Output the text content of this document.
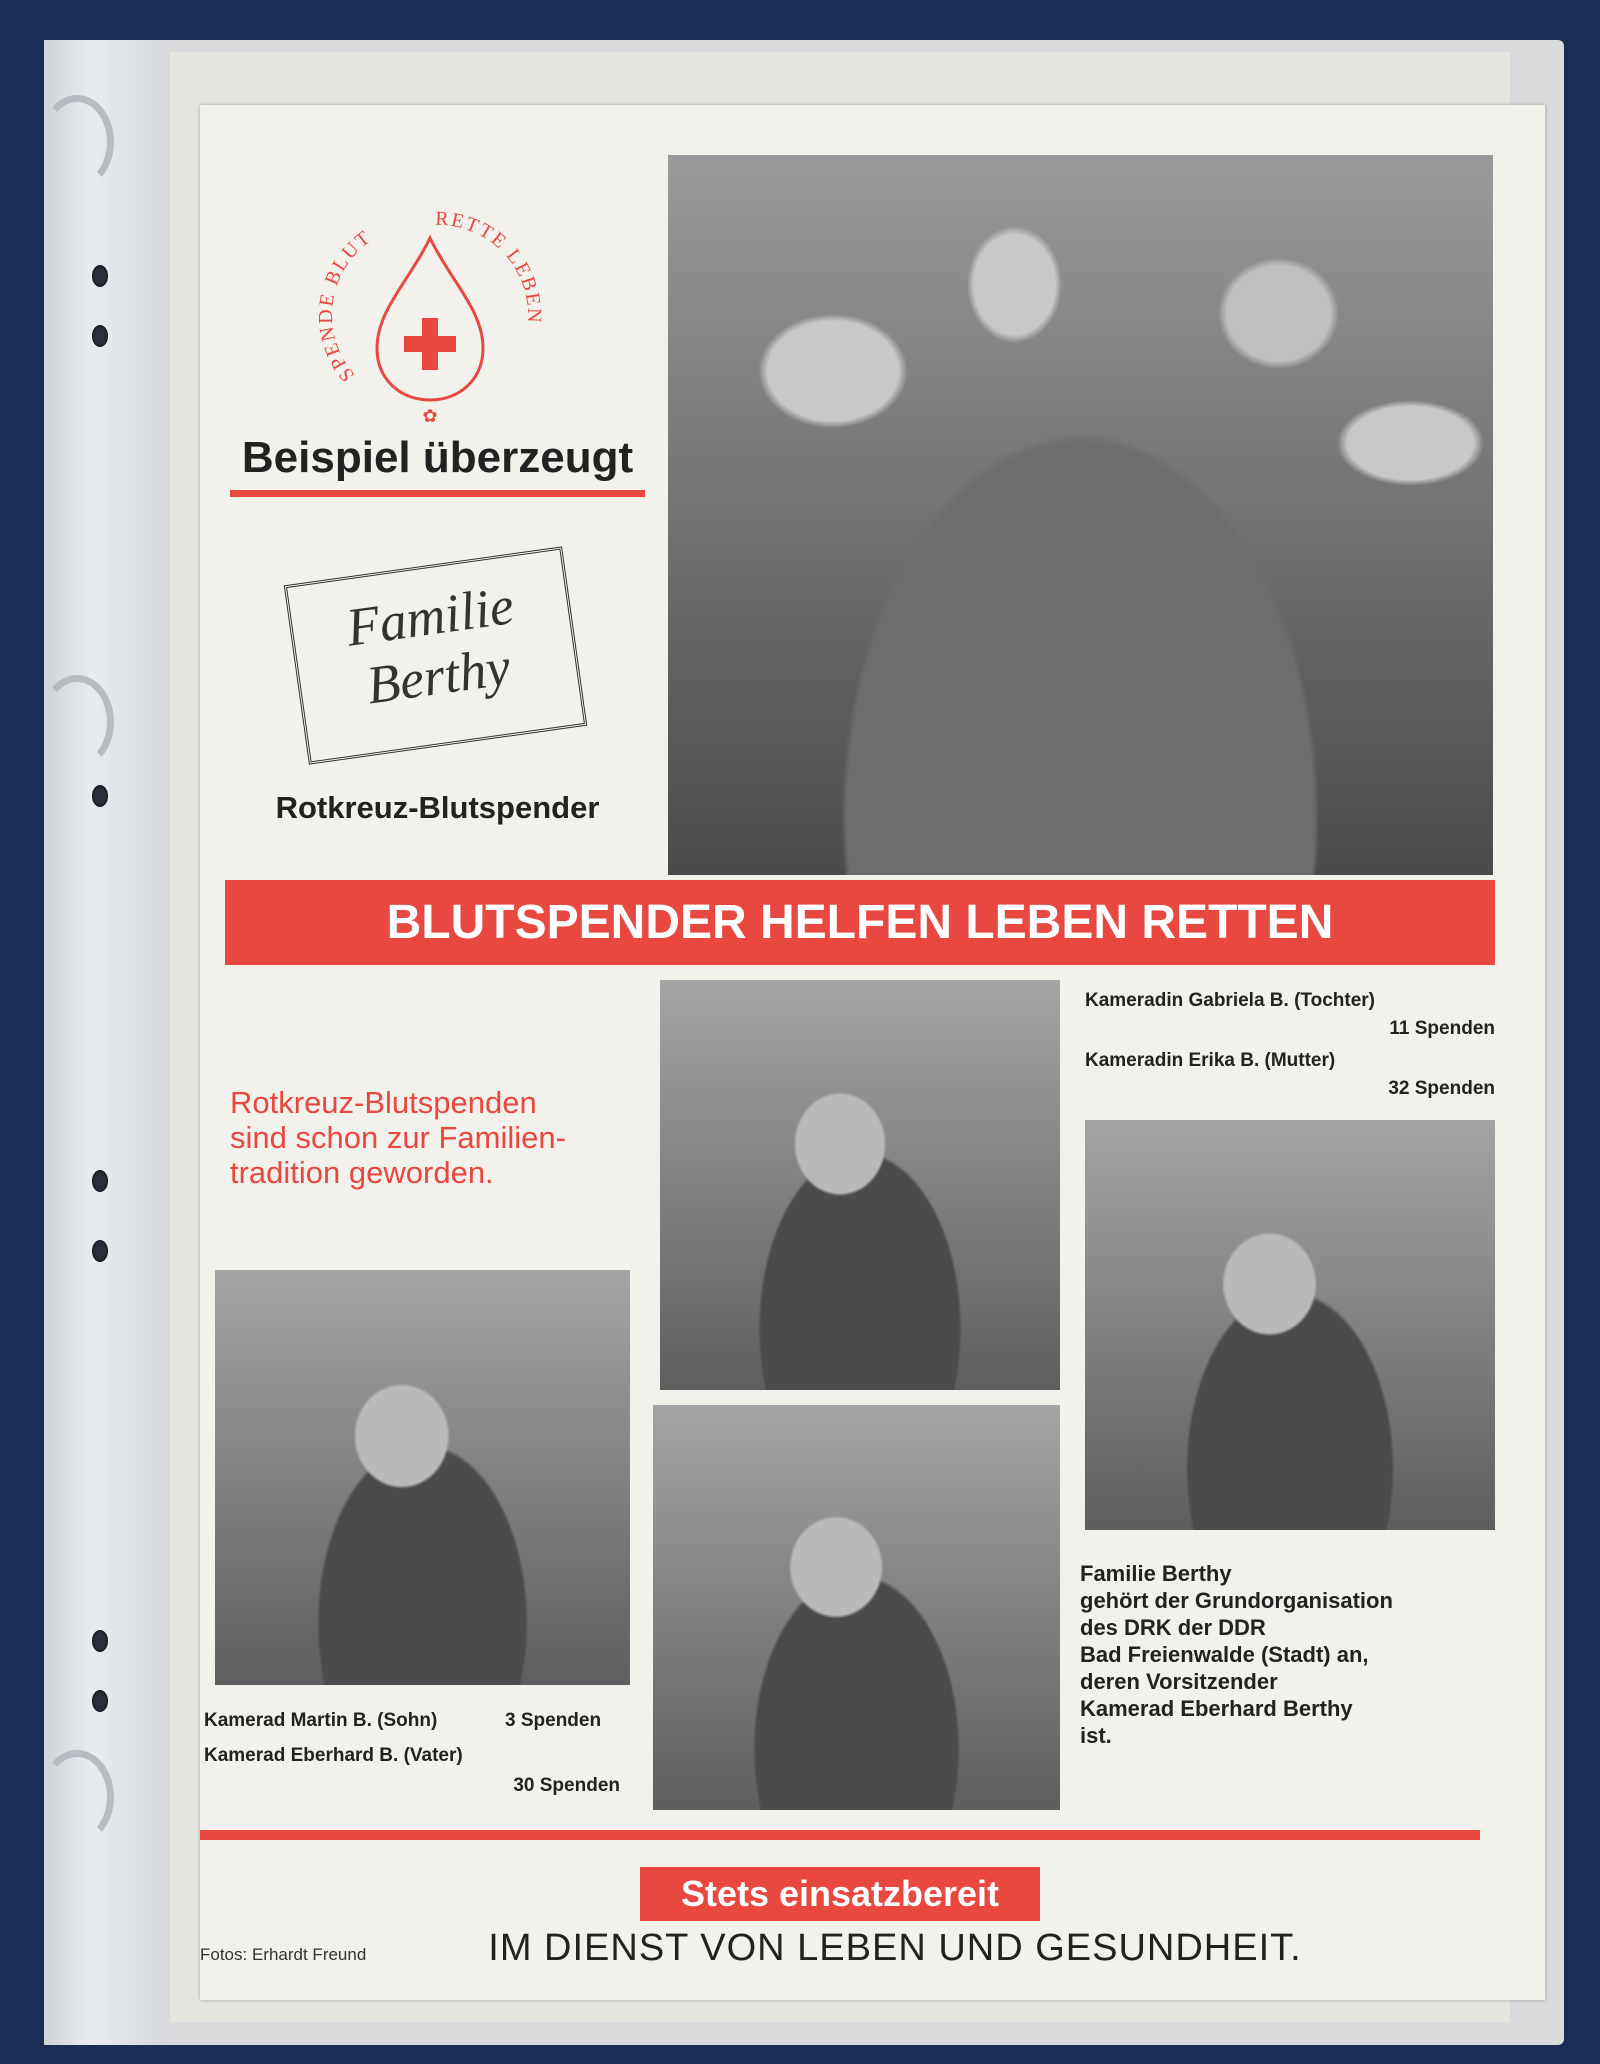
SPENDE BLUT
RETTE LEBEN
✿
Beispiel überzeugt
Familie
Berthy
Rotkreuz-Blutspender
BLUTSPENDER HELFEN LEBEN RETTEN
Rotkreuz-Blutspenden
sind schon zur Familien-
tradition geworden.
Kameradin Gabriela B. (Tochter)
11 Spenden
Kameradin Erika B. (Mutter)
32 Spenden
Familie Berthy
gehört der Grundorganisation
des DRK der DDR
Bad Freienwalde (Stadt) an,
deren Vorsitzender
Kamerad Eberhard Berthy
ist.
Kamerad Martin B. (Sohn)	3 Spenden
Kamerad Eberhard B. (Vater)
30 Spenden
Stets einsatzbereit
Fotos: Erhardt Freund	IM DIENST VON LEBEN UND GESUNDHEIT.
